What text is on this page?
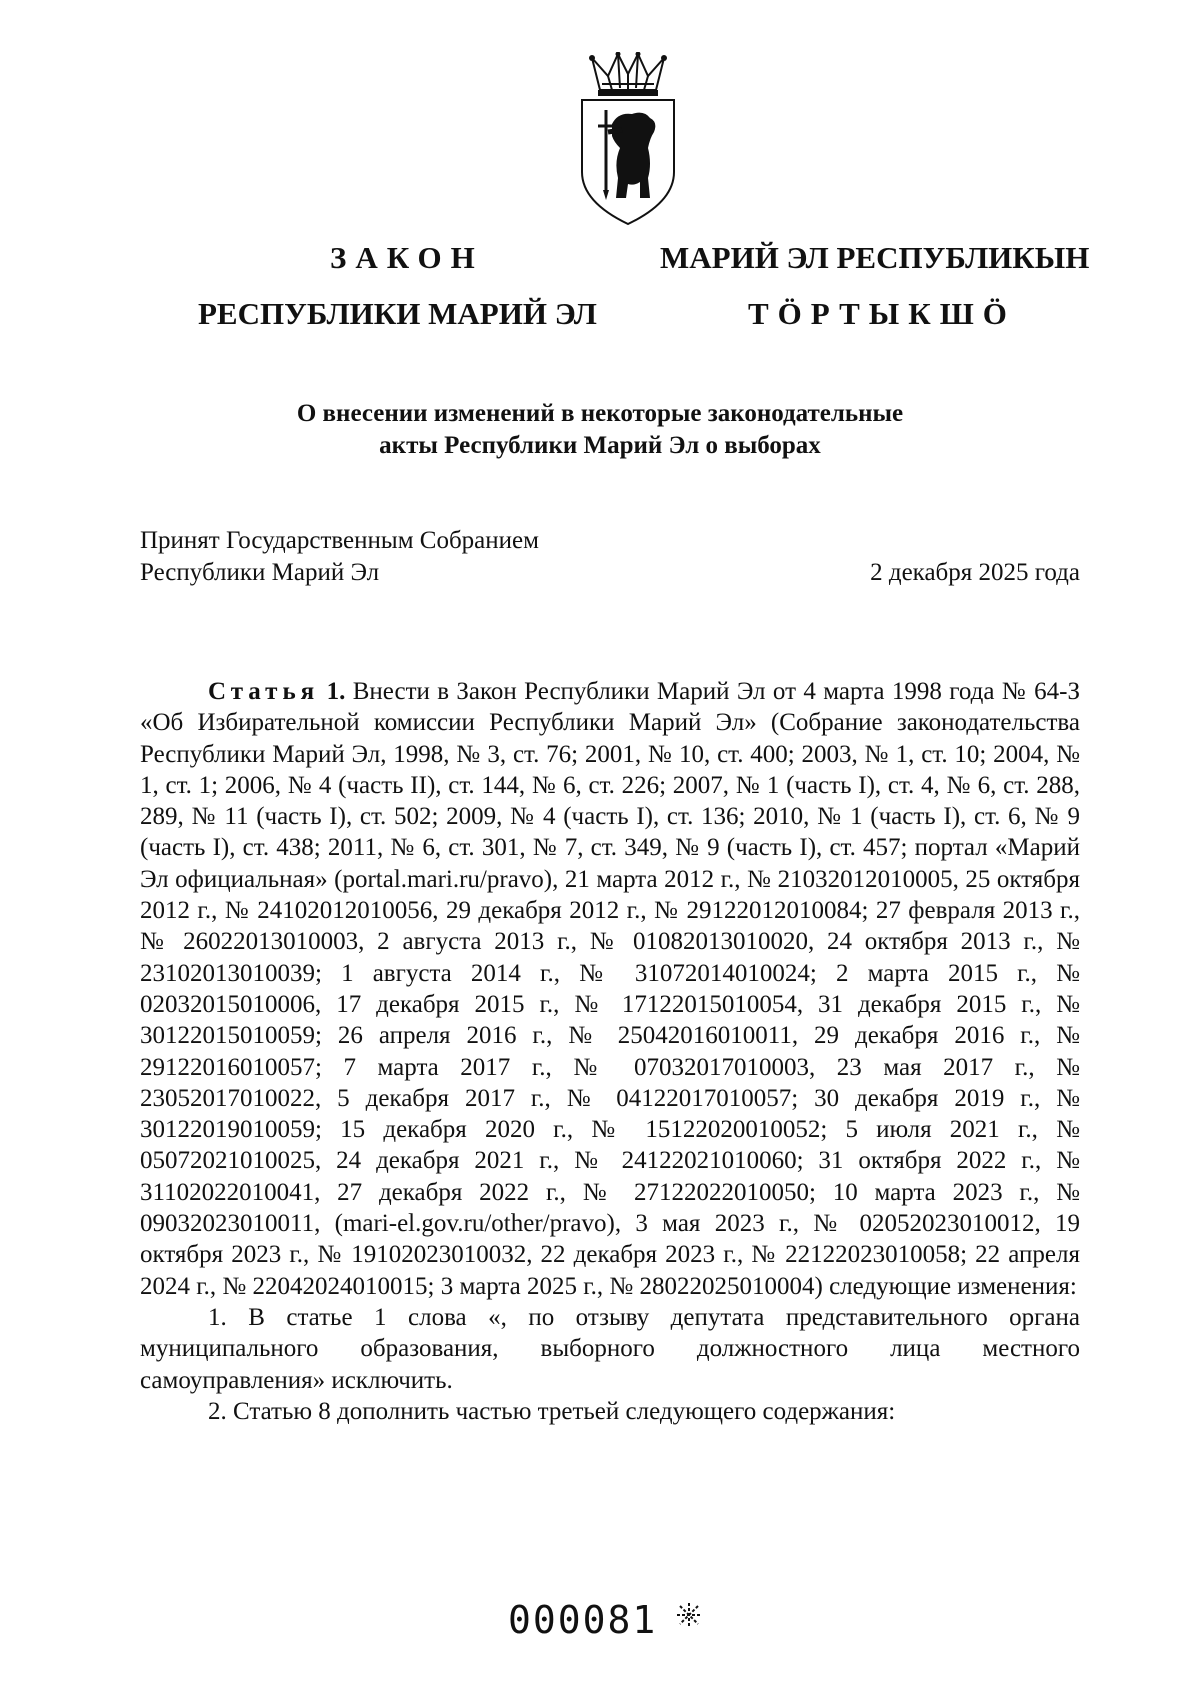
ЗАКОН	МАРИЙ ЭЛ РЕСПУБЛИКЫН
РЕСПУБЛИКИ МАРИЙ ЭЛ	ТӦРТЫКШӦ
О внесении изменений в некоторые законодательные
акты Республики Марий Эл о выборах
Принят Государственным Собранием
Республики Марий Эл	2 декабря 2025 года

Статья 1. Внести в Закон Республики Марий Эл от 4 марта 1998 года № 64-З «Об Избирательной комиссии Республики Марий Эл» (Собрание законодательства Республики Марий Эл, 1998, № 3, ст. 76; 2001, № 10, ст. 400; 2003, № 1, ст. 10; 2004, № 1, ст. 1; 2006, № 4 (часть II), ст. 144, № 6, ст. 226; 2007, № 1 (часть I), ст. 4, № 6, ст. 288, 289, № 11 (часть I), ст. 502; 2009, № 4 (часть I), ст. 136; 2010, № 1 (часть I), ст. 6, № 9 (часть I), ст. 438; 2011, № 6, ст. 301, № 7, ст. 349, № 9 (часть I), ст. 457; портал «Марий Эл официальная» (portal.mari.ru/pravo), 21 марта 2012 г., № 21032012010005, 25 октября 2012 г., № 24102012010056, 29 декабря 2012 г., № 29122012010084; 27 февраля 2013 г., № 26022013010003, 2 августа 2013 г., № 01082013010020, 24 октября 2013 г., № 23102013010039; 1 августа 2014 г., № 31072014010024; 2 марта 2015 г., № 02032015010006, 17 декабря 2015 г., № 17122015010054, 31 декабря 2015 г., № 30122015010059; 26 апреля 2016 г., № 25042016010011, 29 декабря 2016 г., № 29122016010057; 7 марта 2017 г., № 07032017010003, 23 мая 2017 г., № 23052017010022, 5 декабря 2017 г., № 04122017010057; 30 декабря 2019 г., № 30122019010059; 15 декабря 2020 г., № 15122020010052; 5 июля 2021 г., № 05072021010025, 24 декабря 2021 г., № 24122021010060; 31 октября 2022 г., № 31102022010041, 27 декабря 2022 г., № 27122022010050; 10 марта 2023 г., № 09032023010011, (mari-el.gov.ru/other/pravo), 3 мая 2023 г., № 02052023010012, 19 октября 2023 г., № 19102023010032, 22 декабря 2023 г., № 22122023010058; 22 апреля 2024 г., № 22042024010015; 3 марта 2025 г., № 28022025010004) следующие изменения:

1. В статье 1 слова «, по отзыву депутата представительного органа муниципального образования, выборного должностного лица местного самоуправления» исключить.

2. Статью 8 дополнить частью третьей следующего содержания:

000081
